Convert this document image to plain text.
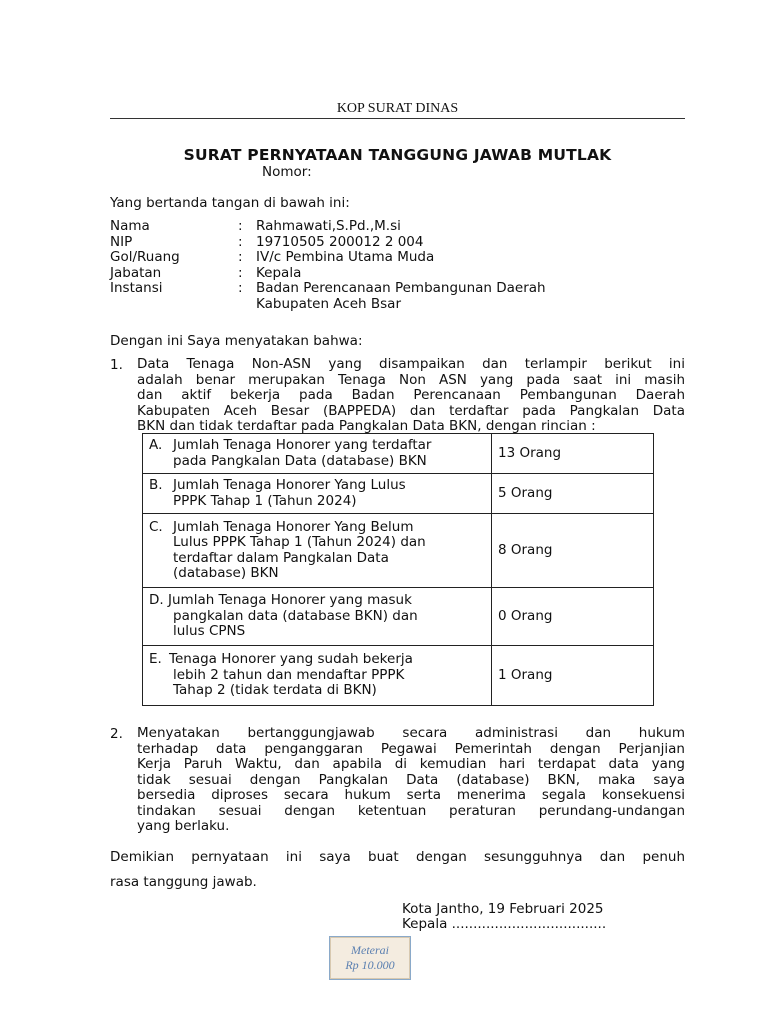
KOP SURAT DINAS
SURAT PERNYATAAN TANGGUNG JAWAB MUTLAK
Nomor:
Yang bertanda tangan di bawah ini:
Nama	: Rahmawati,S.Pd.,M.si
NIP	: 19710505 200012 2 004
Gol/Ruang	: IV/c Pembina Utama Muda
Jabatan	: Kepala
Instansi	: Badan Perencanaan Pembangunan Daerah
Kabupaten Aceh Bsar
Dengan ini Saya menyatakan bahwa:
1. Data Tenaga Non-ASN yang disampaikan dan terlampir berikut ini
adalah benar merupakan Tenaga Non ASN yang pada saat ini masih
dan aktif bekerja pada Badan Perencanaan Pembangunan Daerah
Kabupaten Aceh Besar (BAPPEDA) dan terdaftar pada Pangkalan Data
BKN dan tidak terdaftar pada Pangkalan Data BKN, dengan rincian :
A. Jumlah Tenaga Honorer yang terdaftar
pada Pangkalan Data (database) BKN	13 Orang

B. Jumlah Tenaga Honorer Yang Lulus
PPPK Tahap 1 (Tahun 2024)	5 Orang

C. Jumlah Tenaga Honorer Yang Belum
Lulus PPPK Tahap 1 (Tahun 2024) dan
terdaftar dalam Pangkalan Data
(database) BKN	8 Orang

D. Jumlah Tenaga Honorer yang masuk
pangkalan data (database BKN) dan
lulus CPNS	0 Orang

E. Tenaga Honorer yang sudah bekerja
lebih 2 tahun dan mendaftar PPPK
Tahap 2 (tidak terdata di BKN)	1 Orang
2. Menyatakan bertanggungjawab secara administrasi dan hukum
terhadap data penganggaran Pegawai Pemerintah dengan Perjanjian
Kerja Paruh Waktu, dan apabila di kemudian hari terdapat data yang
tidak sesuai dengan Pangkalan Data (database) BKN, maka saya
bersedia diproses secara hukum serta menerima segala konsekuensi
tindakan sesuai dengan ketentuan peraturan perundang-undangan
yang berlaku.
Demikian pernyataan ini saya buat dengan sesungguhnya dan penuh
rasa tanggung jawab.
Kota Jantho, 19 Februari 2025
Kepala ....................................
Meterai
Rp 10.000
